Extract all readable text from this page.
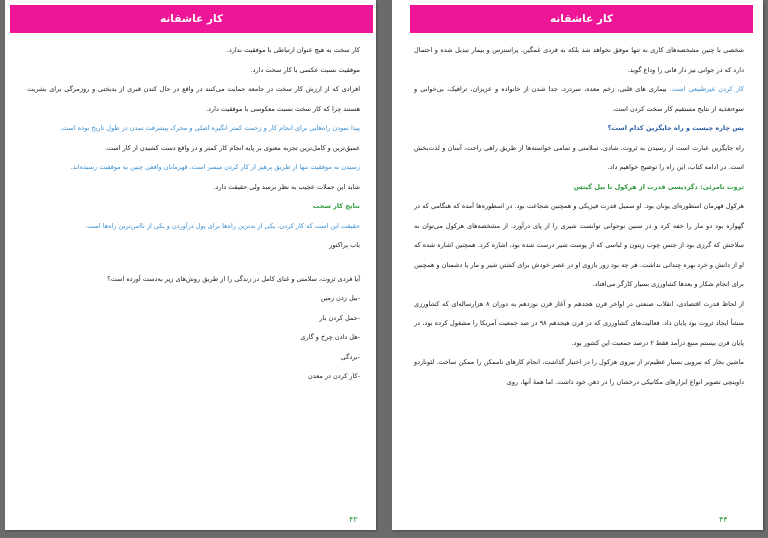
کار عاشقانه

کار سخت به هیچ عنوان ارتباطی با موفقیت ندارد.

موفقیت نسبت عکسی با کار سخت دارد.

افرادی که از ارزش کار سخت در جامعه حمایت می‌کنند در واقع در حال کندن قبری از بدبختی و روزمرگی برای بشریت هستند چرا که کار سخت نسبت معکوسی با موفقیت دارد.

پیدا نمودن راه‌هایی برای انجام کار و زحمت کمتر انگیزه اصلی و محرک پیشرفت تمدن در طول تاریخ بوده است.

عمیق‌ترین و کامل‌ترین تجربه معنوی بر پایه انجام کار کمتر و در واقع دست کشیدن از کار است.

رسیدن به موفقیت تنها از طریق پرهیز از کار کردن میسر است، قهرمانان واقعی چنین به موفقیت رسیده‌اند.

شاید این جملات عجیب به نظر برسد ولی حقیقت دارد.

نتایج کار سخت

حقیقت این است که کار کردن، یکی از بدترین راه‌ها برای پول درآوردن و یکی از ناامن‌ترین راه‌ها است.

باب پراکتور

آیا فردی ثروت، سلامتی و غنای کامل در زندگی را از طریق روش‌های زیر به‌دست آورده است؟

-بیل زدن زمین

-حمل کردن بار

-هل دادن چرخ و گاری

-بردگی

-کار کردن در معدن

۴۳
کار عاشقانه

شخصی با چنین مشخصه‌های کاری نه تنها موفق نخواهد شد بلکه به فردی غمگین، پراسترس و بیمار تبدیل شده و احتمال دارد که در جوانی نیز دار فانی را وداع گوید.

کار کردن غیرطبیعی است. بیماری های قلبی، زخم معده، سردرد، جدا شدن از خانواده و عزیزان، ترافیک، بی‌خوابی و سوءتغذیه از نتایج مستقیم کار سخت کردن است.

پس چاره چیست و راه جایگزین کدام است؟

راه جایگزین عبارت است از رسیدن به ثروت، شادی، سلامتی و تمامی خواسته‌ها از طریق راهی راحت، آسان و لذت‌بخش است. در ادامه کتاب، این راه را توضیح خواهیم داد.

ثروت نامرئی: دگردیسی قدرت از هرکول تا بیل گیتس

هرکول قهرمان اسطوره‌ای یونان بود. او سمبل قدرت فیزیکی و همچنین شجاعت بود. در اسطوره‌ها آمده که هنگامی که در گهواره بود دو مار را خفه کرد و در سنین نوجوانی توانست شیری را از پای درآورد. از مشخصه‌های هرکول می‌توان به سلاحش که گرزی بود از جنس چوب زیتون و لباسی که از پوست شیر درست شده بود، اشاره کرد. همچنین اشاره شده که او از دانش و خرد بهره چندانی نداشت. هر چه بود زور بازوی او در عصر خودش برای کشتن شیر و مار یا دشمنان و همچنین برای انجام شکار و بعدها کشاورزی بسیار کارگر می‌افتاد.

از لحاظ قدرت اقتصادی، انقلاب صنعتی در اواخر قرن هجدهم و آغاز قرن نوزدهم به دوران ۸ هزارساله‌ای که کشاورزی منشأ ایجاد ثروت بود پایان داد. فعالیت‌های کشاورزی که در قرن هیجدهم ۹۸ در صد جمعیت آمریکا را مشغول کرده بود، در پایان قرن بیستم منبع درآمد فقط ۲ درصد جمعیت این کشور بود.

ماشین بخار که نیرویی بسیار عظیم‌تر از نیروی هرکول را در اختیار گذاشت، انجام کارهای ناممکن را ممکن ساخت. لئوناردو داوینچی تصویر انواع ابزارهای مکانیکی درخشان را در ذهن خود داشت. اما همهٔ آنها، روی

۴۴
